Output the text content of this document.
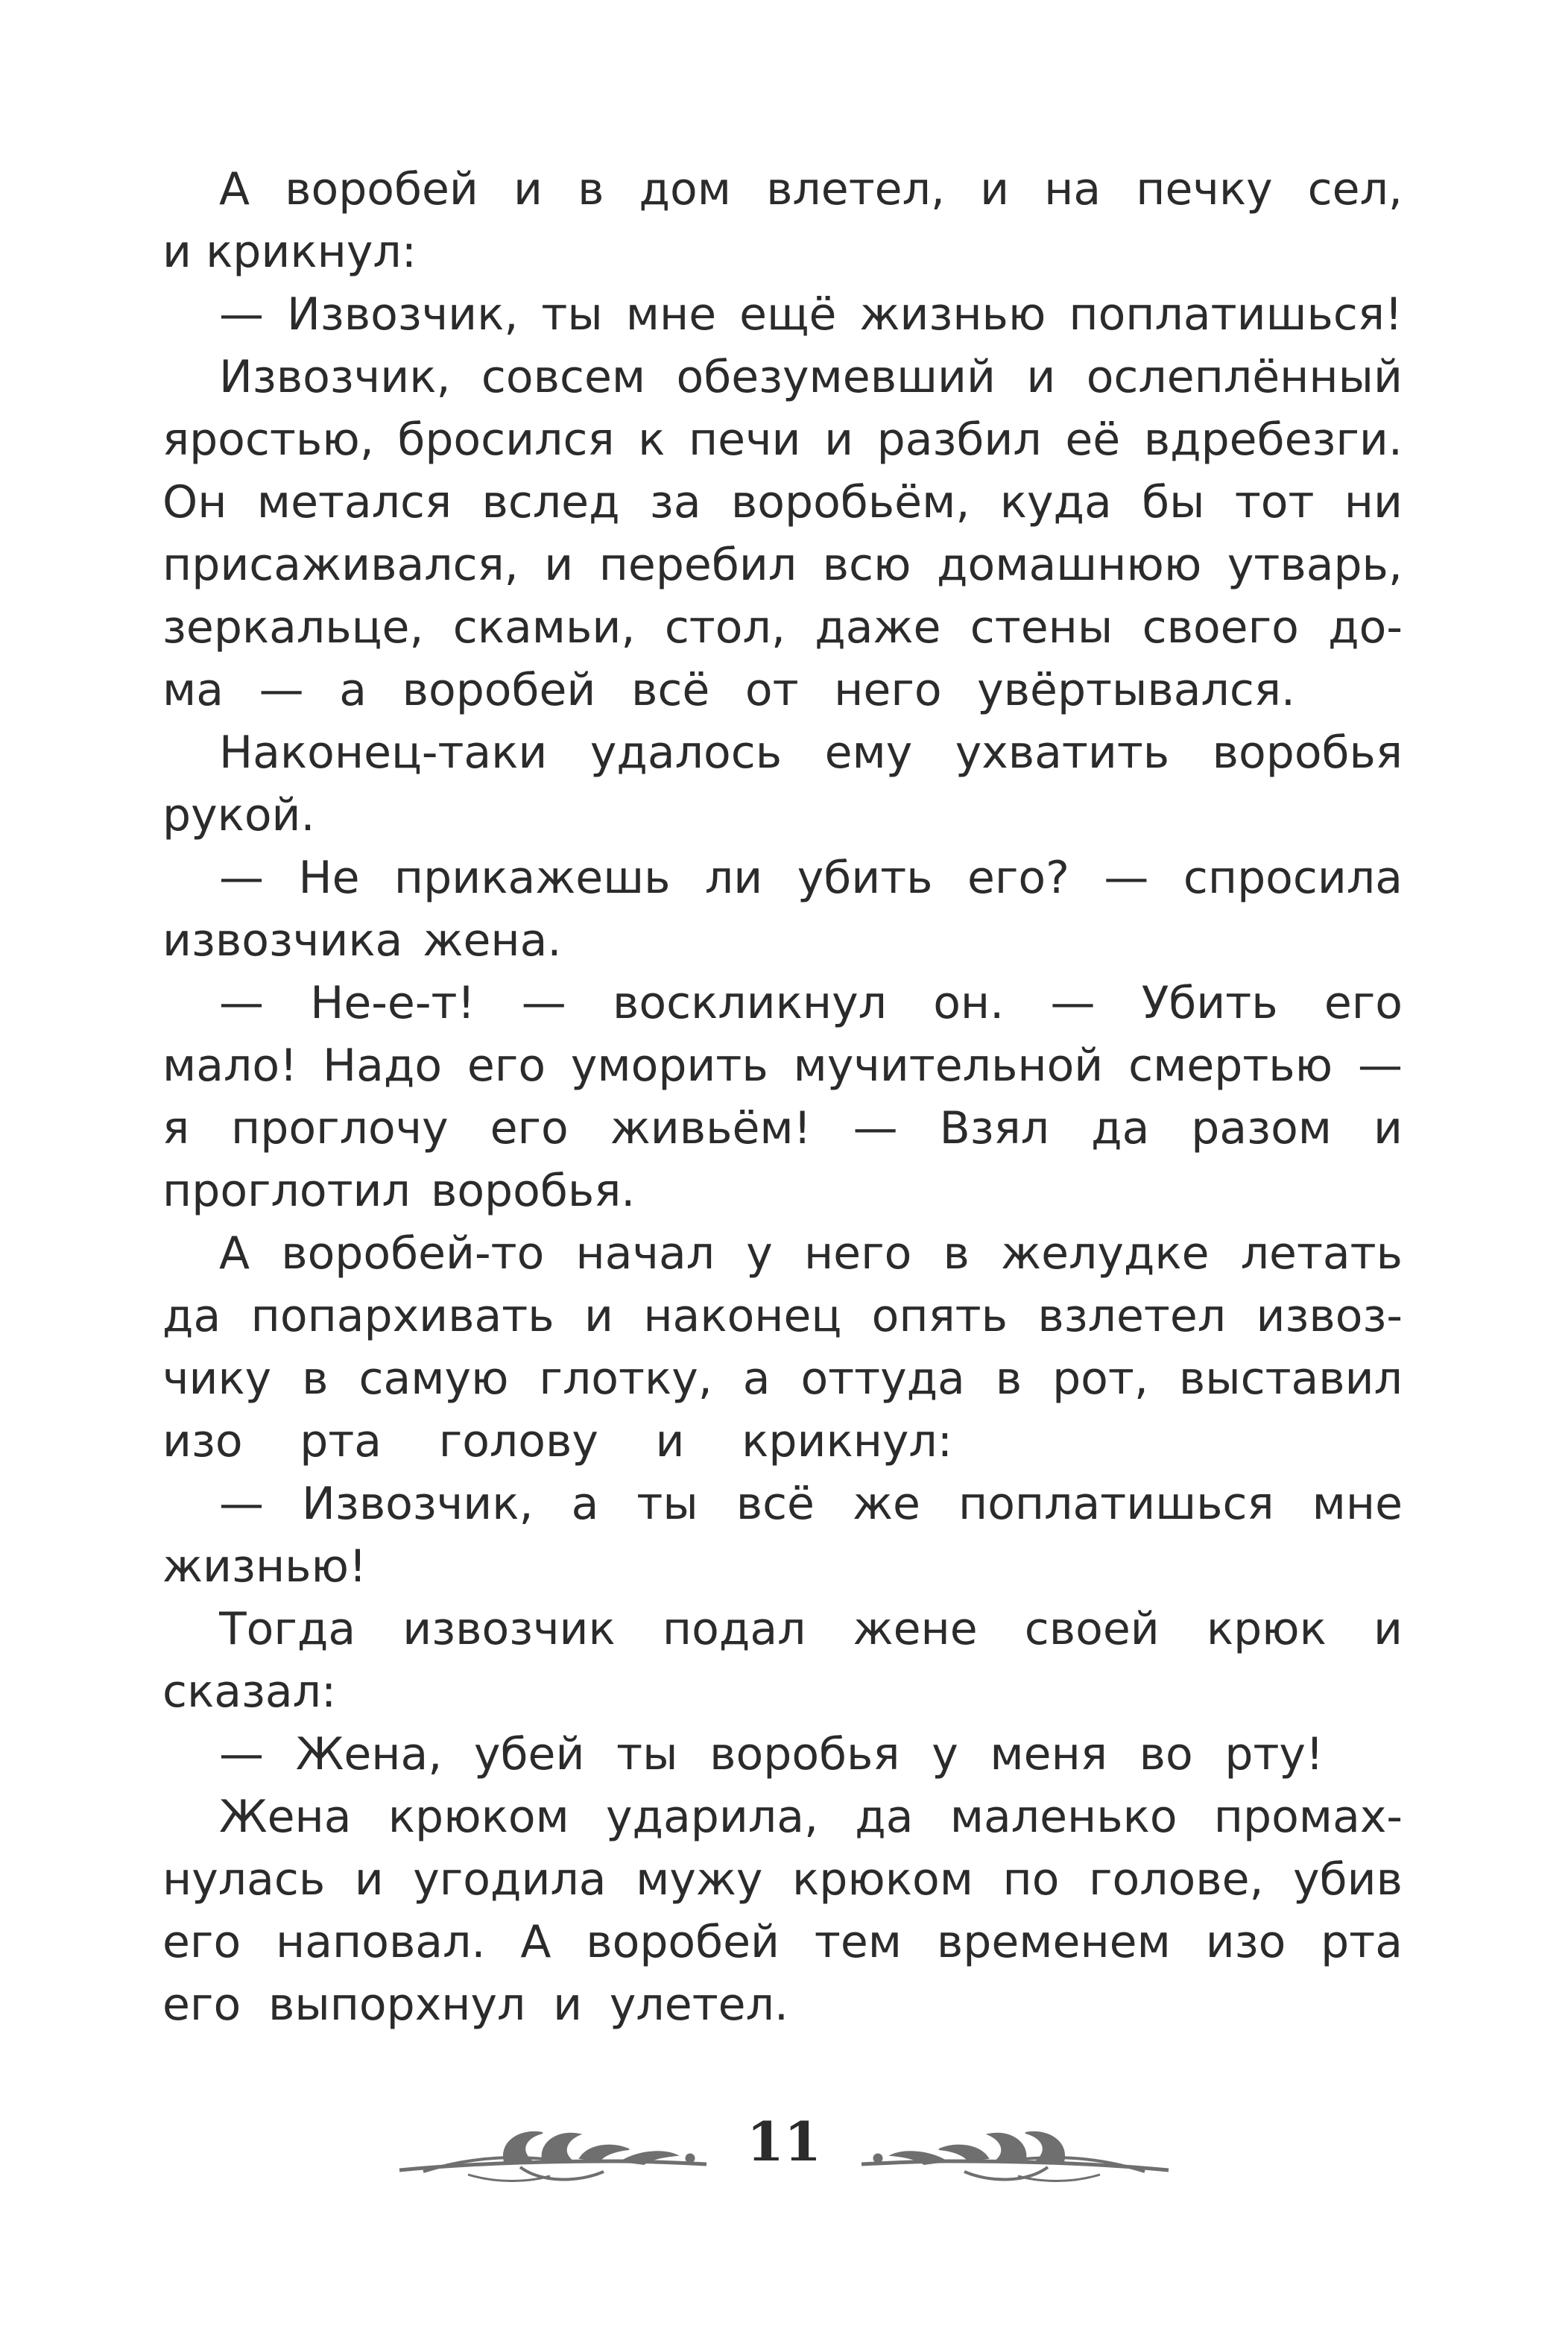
А воробей и в дом влетел, и на печку сел,
и крикнул:
— Извозчик, ты мне ещё жизнью поплатишься!
Извозчик, совсем обезумевший и ослеплённый
яростью, бросился к печи и разбил её вдребезги.
Он метался вслед за воробьём, куда бы тот ни
присаживался, и перебил всю домашнюю утварь,
зеркальце, скамьи, стол, даже стены своего до-
ма — а воробей всё от него увёртывался.
Наконец-таки удалось ему ухватить воробья
рукой.
— Не прикажешь ли убить его? — спросила
извозчика жена.
— Не-е-т! — воскликнул он. — Убить его
мало! Надо его уморить мучительной смертью —
я проглочу его живьём! — Взял да разом и
проглотил воробья.
А воробей-то начал у него в желудке летать
да попархивать и наконец опять взлетел извоз-
чику в самую глотку, а оттуда в рот, выставил
изо рта голову и крикнул:
— Извозчик, а ты всё же поплатишься мне
жизнью!
Тогда извозчик подал жене своей крюк и
сказал:
— Жена, убей ты воробья у меня во рту!
Жена крюком ударила, да маленько промах-
нулась и угодила мужу крюком по голове, убив
его наповал. А воробей тем временем изо рта
его выпорхнул и улетел.
11
